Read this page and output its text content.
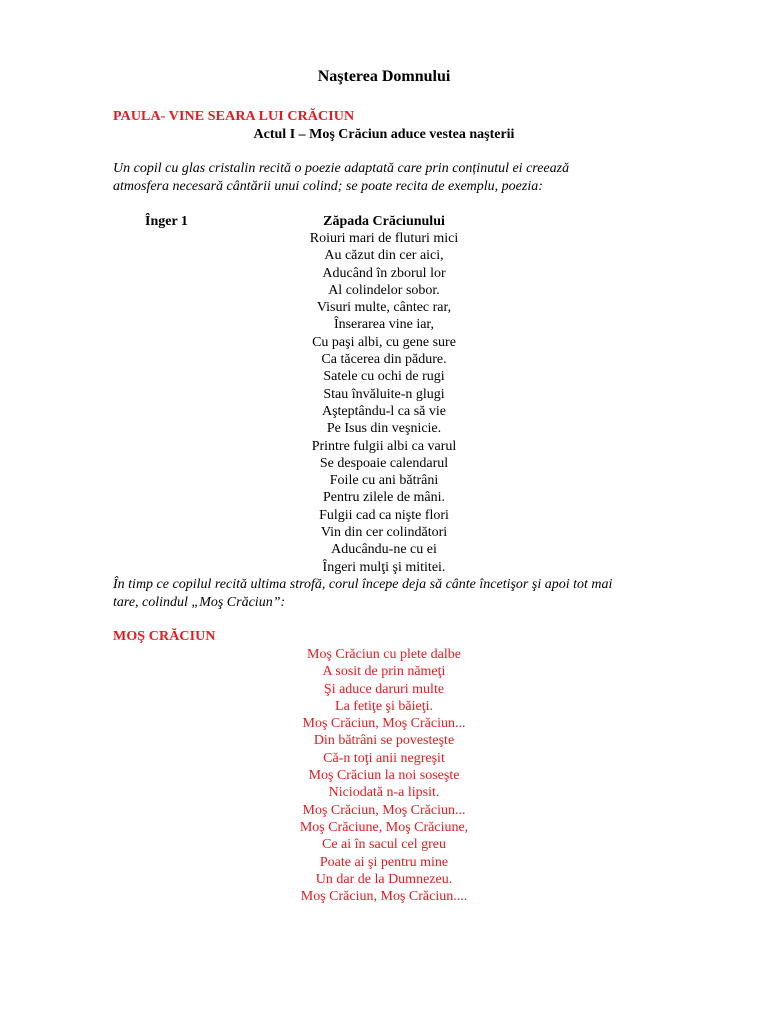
Naşterea Domnului
PAULA- VINE SEARA LUI CRĂCIUN
Actul I – Moş Crăciun aduce vestea naşterii
Un copil cu glas cristalin recită o poezie adaptată care prin conținutul ei creează
atmosfera necesară cântării unui colind; se poate recita de exemplu, poezia:
Înger 1	Zăpada Crăciunului
Roiuri mari de fluturi mici
Au căzut din cer aici,
Aducând în zborul lor
Al colindelor sobor.
Visuri multe, cântec rar,
Înserarea vine iar,
Cu paşi albi, cu gene sure
Ca tăcerea din pădure.
Satele cu ochi de rugi
Stau învăluite-n glugi
Aşteptându-l ca să vie
Pe Isus din veşnicie.
Printre fulgii albi ca varul
Se despoaie calendarul
Foile cu ani bătrâni
Pentru zilele de mâni.
Fulgii cad ca nişte flori
Vin din cer colindători
Aducându-ne cu ei
Îngeri mulţi şi mititei.
În timp ce copilul recită ultima strofă, corul începe deja să cânte încetişor şi apoi tot mai
tare, colindul „Moş Crăciun”:
MOŞ CRĂCIUN
Moş Crăciun cu plete dalbe
A sosit de prin nămeţi
Şi aduce daruri multe
La fetiţe şi băieţi.
Moş Crăciun, Moş Crăciun...
Din bătrâni se povesteşte
Că-n toţi anii negreşit
Moş Crăciun la noi soseşte
Niciodată n-a lipsit.
Moş Crăciun, Moş Crăciun...
Moş Crăciune, Moş Crăciune,
Ce ai în sacul cel greu
Poate ai şi pentru mine
Un dar de la Dumnezeu.
Moş Crăciun, Moş Crăciun....
